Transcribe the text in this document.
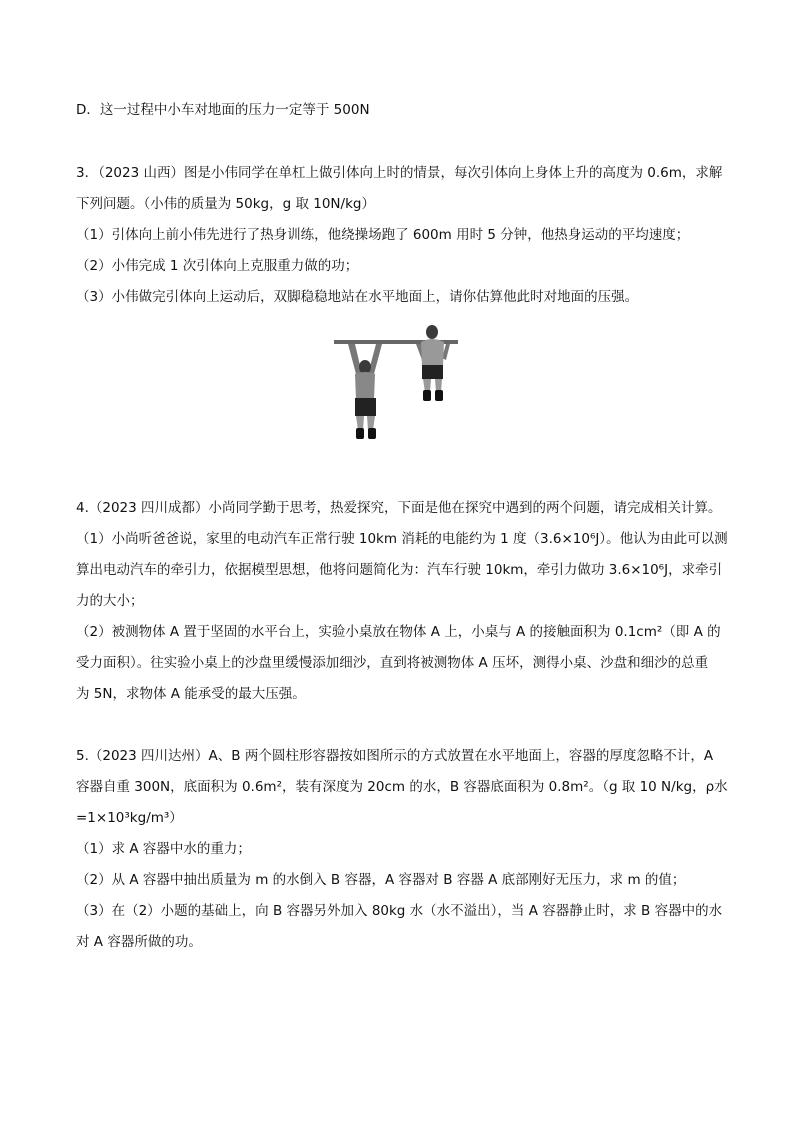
D．这一过程中小车对地面的压力一定等于 500N
3．（2023 山西）图是小伟同学在单杠上做引体向上时的情景，每次引体向上身体上升的高度为 0.6m，求解
下列问题。（小伟的质量为 50kg，g 取 10N/kg）
（1）引体向上前小伟先进行了热身训练，他绕操场跑了 600m 用时 5 分钟，他热身运动的平均速度；
（2）小伟完成 1 次引体向上克服重力做的功；
（3）小伟做完引体向上运动后，双脚稳稳地站在水平地面上，请你估算他此时对地面的压强。
4.（2023 四川成都）小尚同学勤于思考，热爱探究，下面是他在探究中遇到的两个问题，请完成相关计算。
（1）小尚听爸爸说，家里的电动汽车正常行驶 10km 消耗的电能约为 1 度（3.6×10⁶J）。他认为由此可以测
算出电动汽车的牵引力，依据模型思想，他将问题简化为：汽车行驶 10km，牵引力做功 3.6×10⁶J，求牵引
力的大小；
（2）被测物体 A 置于坚固的水平台上，实验小桌放在物体 A 上，小桌与 A 的接触面积为 0.1cm²（即 A 的
受力面积）。往实验小桌上的沙盘里缓慢添加细沙，直到将被测物体 A 压坏，测得小桌、沙盘和细沙的总重
为 5N，求物体 A 能承受的最大压强。
5.（2023 四川达州）A、B 两个圆柱形容器按如图所示的方式放置在水平地面上，容器的厚度忽略不计，A
容器自重 300N，底面积为 0.6m²，装有深度为 20cm 的水，B 容器底面积为 0.8m²。（g 取 10 N/kg，ρ水
=1×10³kg/m³）
（1）求 A 容器中水的重力；
（2）从 A 容器中抽出质量为 m 的水倒入 B 容器，A 容器对 B 容器 A 底部刚好无压力，求 m 的值；
（3）在（2）小题的基础上，向 B 容器另外加入 80kg 水（水不溢出），当 A 容器静止时，求 B 容器中的水
对 A 容器所做的功。
